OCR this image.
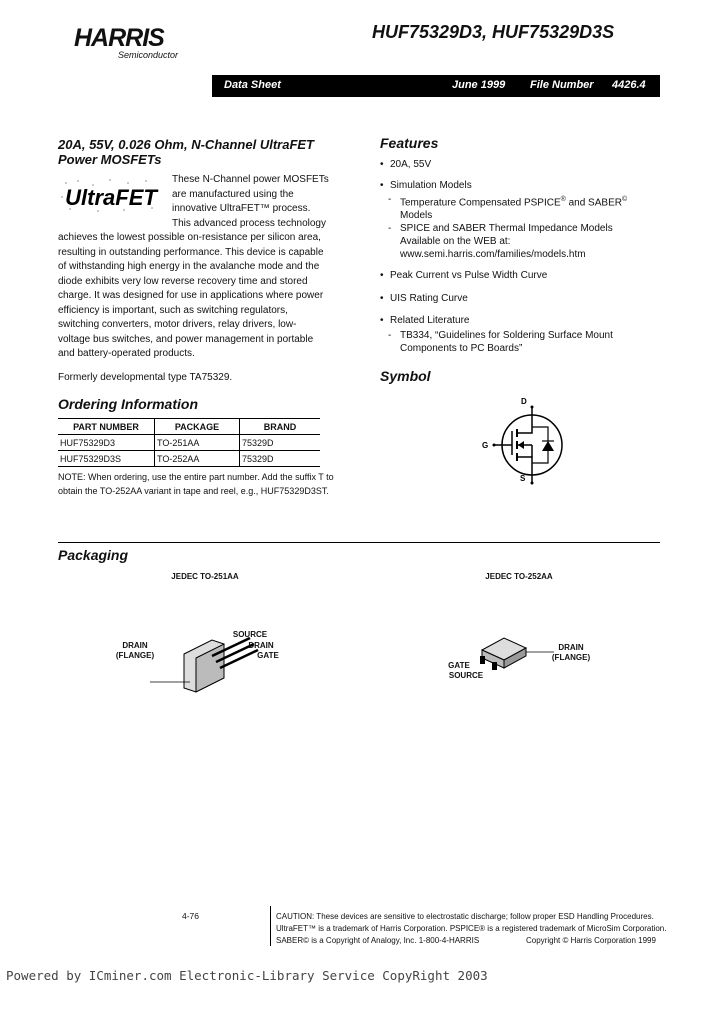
HARRIS
Semiconductor
HUF75329D3, HUF75329D3S
Data Sheet	June 1999 File Number 4426.4
20A, 55V, 0.026 Ohm, N-Channel UltraFET Power MOSFETs
UltraFET
These N-Channel power MOSFETs
are manufactured using the
innovative UltraFET™ process.
This advanced process technology
achieves the lowest possible on-resistance per silicon area,
resulting in outstanding performance. This device is capable
of withstanding high energy in the avalanche mode and the
diode exhibits very low reverse recovery time and stored
charge. It was designed for use in applications where power
efficiency is important, such as switching regulators,
switching converters, motor drivers, relay drivers, low-
voltage bus switches, and power management in portable
and battery-operated products.
Formerly developmental type TA75329.
Ordering Information
PART NUMBER	PACKAGE	BRAND
HUF75329D3	TO-251AA	75329D
HUF75329D3S	TO-252AA	75329D
NOTE: When ordering, use the entire part number. Add the suffix T to
obtain the TO-252AA variant in tape and reel, e.g., HUF75329D3ST.
Features
• 20A, 55V
• Simulation Models
- Temperature Compensated PSPICE® and SABER©
Models
- SPICE and SABER Thermal Impedance Models
Available on the WEB at:
www.semi.harris.com/families/models.htm
• Peak Current vs Pulse Width Curve
• UIS Rating Curve
• Related Literature
- TB334, “Guidelines for Soldering Surface Mount
Components to PC Boards”
Symbol
D
G
S
Packaging
JEDEC TO-251AA	JEDEC TO-252AA
SOURCE
DRAIN
GATE
DRAIN
(FLANGE)
DRAIN
(FLANGE)
GATE
SOURCE
4-76	CAUTION: These devices are sensitive to electrostatic discharge; follow proper ESD Handling Procedures.
UltraFET™ is a trademark of Harris Corporation. PSPICE® is a registered trademark of MicroSim Corporation.
SABER© is a Copyright of Analogy, Inc. 1-800-4-HARRIS	Copyright © Harris Corporation 1999
Powered by ICminer.com Electronic-Library Service CopyRight 2003
